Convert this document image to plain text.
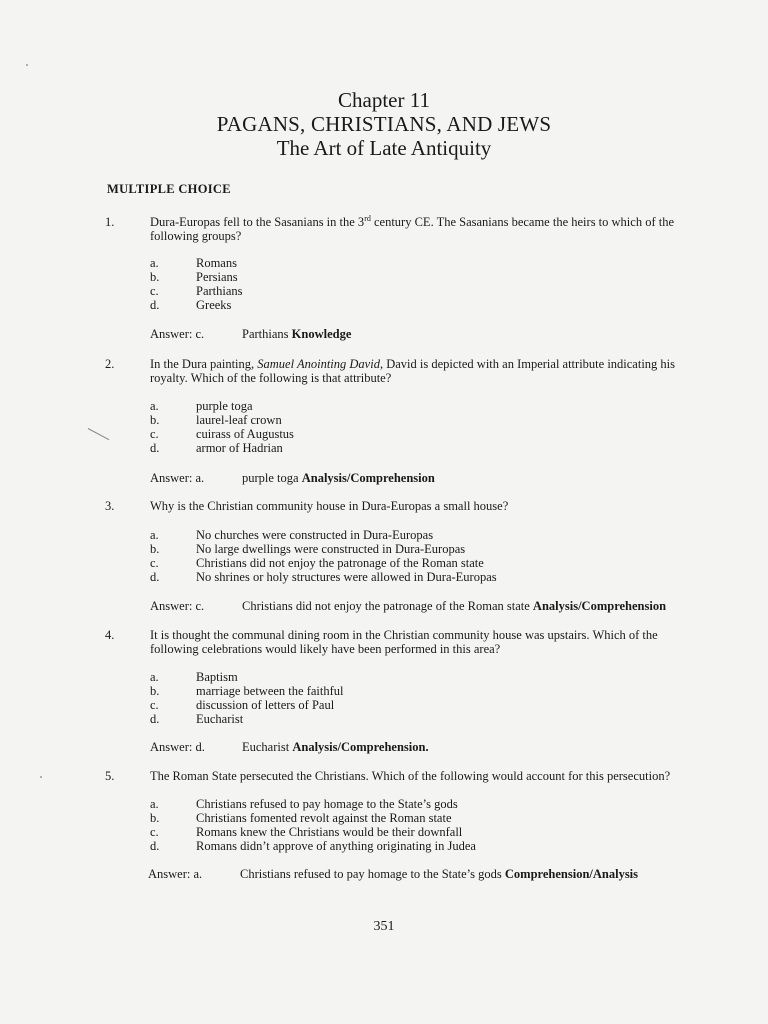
Chapter 11
PAGANS, CHRISTIANS, AND JEWS
The Art of Late Antiquity
MULTIPLE CHOICE
1.	Dura-Europas fell to the Sasanians in the 3rd century CE. The Sasanians became the heirs to which of the following groups?
a.	Romans
b.	Persians
c.	Parthians
d.	Greeks
Answer: c.	Parthians Knowledge
2.	In the Dura painting, Samuel Anointing David, David is depicted with an Imperial attribute indicating his royalty. Which of the following is that attribute?
a.	purple toga
b.	laurel-leaf crown
c.	cuirass of Augustus
d.	armor of Hadrian
Answer: a.	purple toga Analysis/Comprehension
3.	Why is the Christian community house in Dura-Europas a small house?
a.	No churches were constructed in Dura-Europas
b.	No large dwellings were constructed in Dura-Europas
c.	Christians did not enjoy the patronage of the Roman state
d.	No shrines or holy structures were allowed in Dura-Europas
Answer: c.	Christians did not enjoy the patronage of the Roman state Analysis/Comprehension
4.	It is thought the communal dining room in the Christian community house was upstairs. Which of the following celebrations would likely have been performed in this area?
a.	Baptism
b.	marriage between the faithful
c.	discussion of letters of Paul
d.	Eucharist
Answer: d.	Eucharist Analysis/Comprehension.
5.	The Roman State persecuted the Christians. Which of the following would account for this persecution?
a.	Christians refused to pay homage to the State’s gods
b.	Christians fomented revolt against the Roman state
c.	Romans knew the Christians would be their downfall
d.	Romans didn’t approve of anything originating in Judea
Answer: a.	Christians refused to pay homage to the State’s gods Comprehension/Analysis
351
